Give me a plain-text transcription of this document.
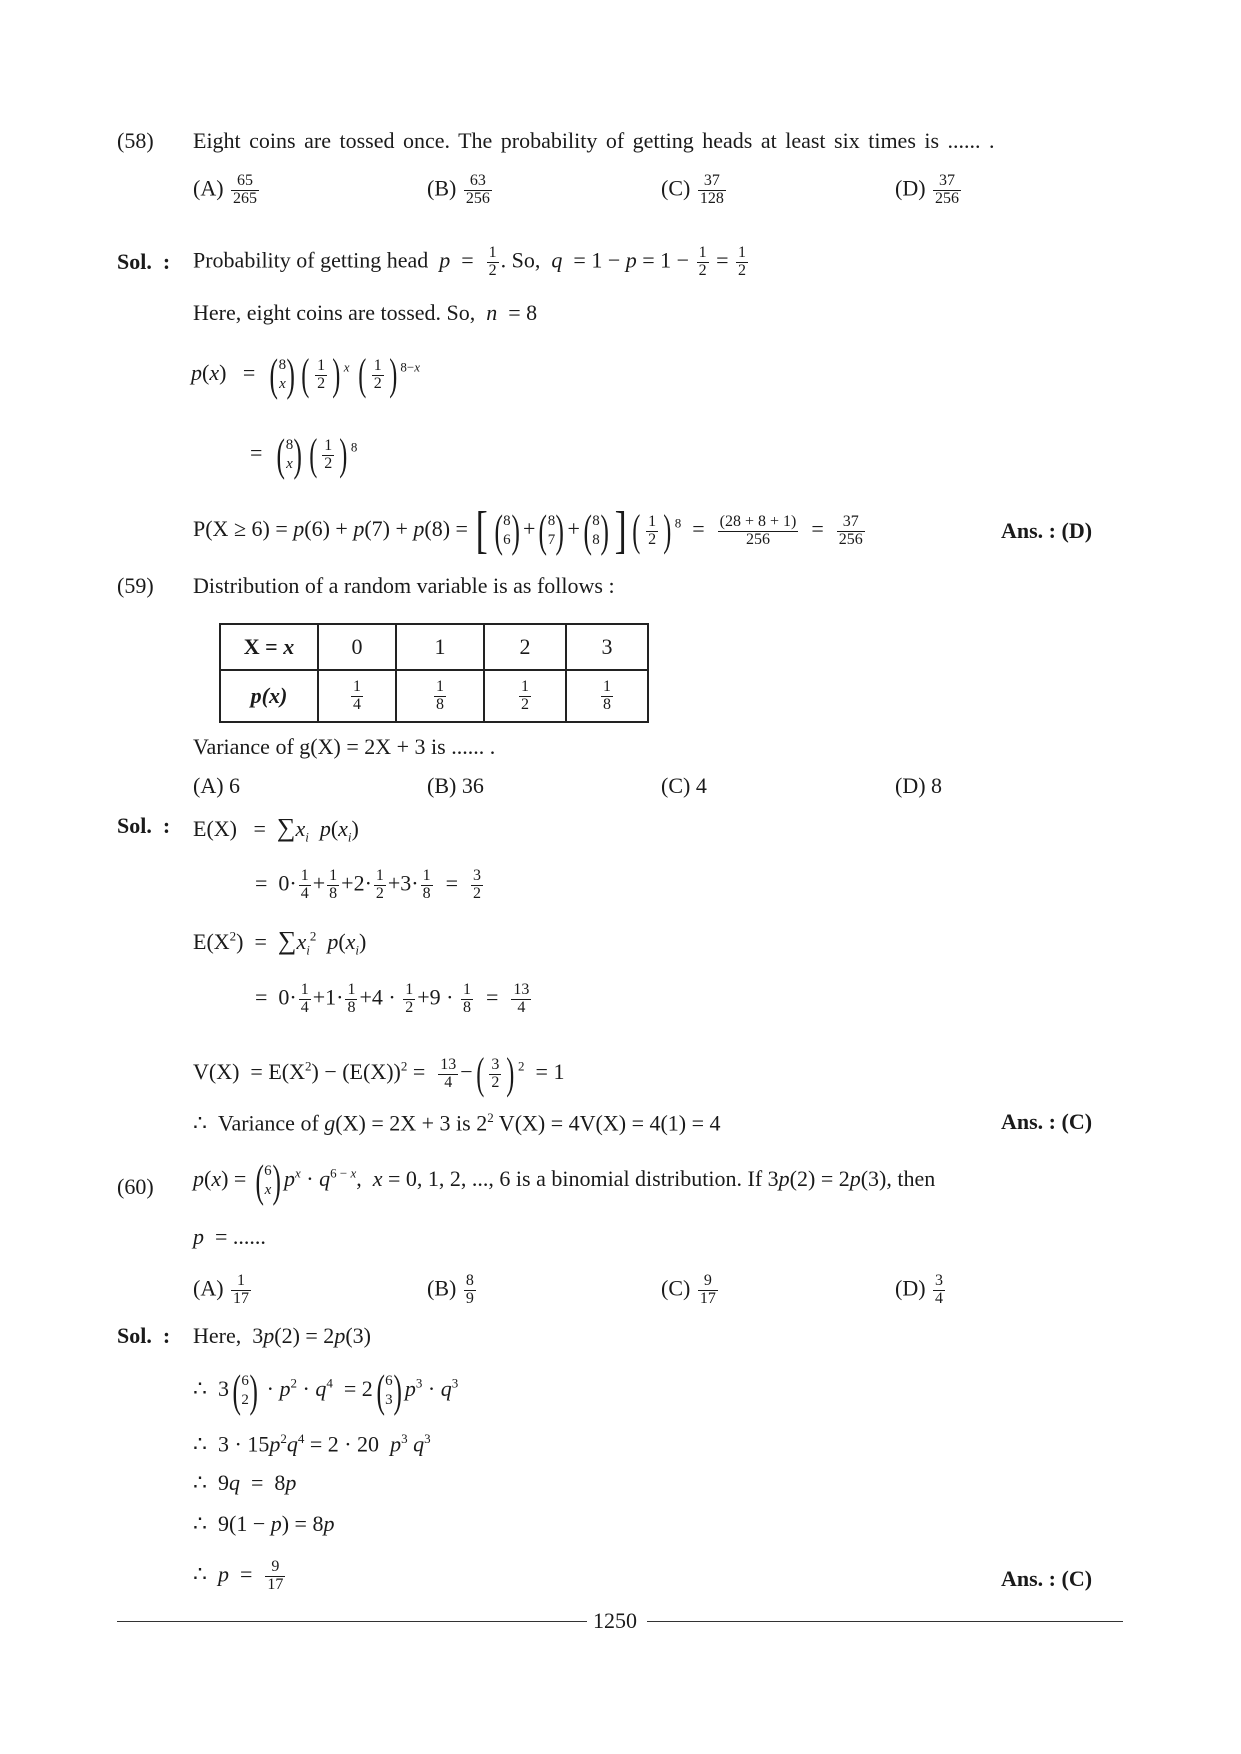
(58) Eight coins are tossed once. The probability of getting heads at least six times is ...... .
$(A) \frac{65}{265}$	$(B) \frac{63}{256}$	$(C) \frac{37}{128}$	$(D) \frac{37}{256}$
Sol.  : Probability of getting head $p = \frac{1}{2}$ . So,  $q = 1 - p = 1 - \frac{1}{2} = \frac{1}{2}$
Here, eight coins are tossed. So, n  = 8
p(x)   = ( 8
x ) ( $\frac{1}{2}$ ) $^x$ ( $\frac{1}{2}$ ) $^{8-x}$
= ( 8
x ) ( $\frac{1}{2}$ ) $^8$
P(X ≥ 6) = p(6) + p(7) + p(8) = [ ( 8
6 ) + ( 8
7 ) + ( 8
8 ) ] ( $\frac{1}{2}$ ) $^8 = \frac{(28 + 8 + 1)}{256} = \frac{37}{256}$	Ans. : (D)
(59) Distribution of a random variable is as follows :
X = x	0	1	2	3
p(x)	$\frac{1}{4}$	$\frac{1}{8}$	$\frac{1}{2}$	$\frac{1}{8}$
Variance of g(X) = 2X + 3 is ...... .
(A) 6	(B) 36	(C) 4	(D) 8
Sol.  : $E(X) = \sum x_i$ $p(x_i)$
=  $0\cdot \frac{1}{4} + \frac{1}{8} +2\cdot \frac{1}{2} +3\cdot \frac{1}{8} = \frac{3}{2}$
$E(X^2) = \sum x_i^2$ $p(x_i)$
=  $0\cdot \frac{1}{4} +1\cdot \frac{1}{8} +4 \cdot \frac{1}{2} +9 \cdot \frac{1}{8} = \frac{13}{4}$
$V(X) = E(X^2) - (E(X))^2 = \frac{13}{4}$ −( $\frac{3}{2}$ ) $^2$  = 1
∴  Variance of g(X) = 2X + 3 is $2^2$ V(X) = 4V(X) = 4(1) = 4	Ans. : (C)
(60) p(x) = ( 6
x ) $p^x \cdot q^{6 - x}$,  x = 0, 1, 2, ..., 6 is a binomial distribution. If 3p(2) = 2p(3), then
p  = ......
$(A) \frac{1}{17}$	$(B) \frac{8}{9}$	$(C) \frac{9}{17}$	$(D) \frac{3}{4}$
Sol.  : Here,  3p(2) = 2p(3)
∴  3 ( 6
2 ) · $p^2 \cdot q^4 = 2$ ( 6
3 ) $p^3 \cdot q^3$
∴  $3 \cdot 15p^2q^4 = 2 \cdot 20$  $p^3$ $q^3$
∴  9q  =  8p
∴  9(1 − p) = 8p
∴  $p = \frac{9}{17}$	Ans. : (C)
1250
